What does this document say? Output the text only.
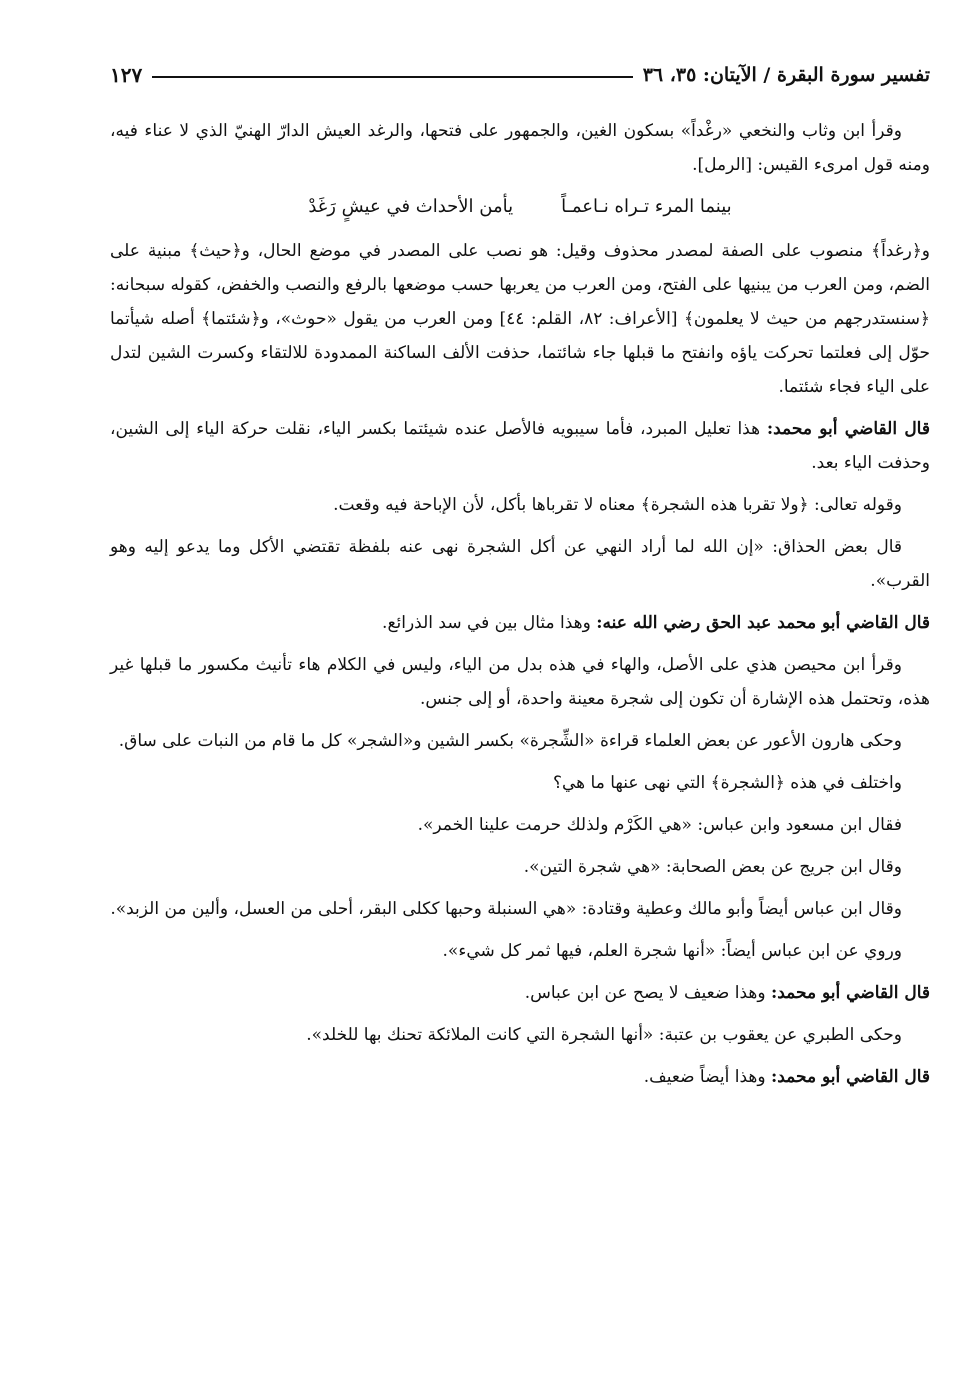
تفسير سورة البقرة / الآيتان: ٣٥، ٣٦
١٢٧

وقرأ ابن وثاب والنخعي «رغْداً» بسكون الغين، والجمهور على فتحها، والرغد العيش الدارّ الهنيّ الذي لا عناء فيه، ومنه قول امرىء القيس: [الرمل].

بينما المرء تـراه نـاعمـاً
يأمن الأحداث في عيشٍ رَغَدْ

و﴿رغداً﴾ منصوب على الصفة لمصدر محذوف وقيل: هو نصب على المصدر في موضع الحال، و﴿حيث﴾ مبنية على الضم، ومن العرب من يبنيها على الفتح، ومن العرب من يعربها حسب موضعها بالرفع والنصب والخفض، كقوله سبحانه: ﴿سنستدرجهم من حيث لا يعلمون﴾ [الأعراف: ٨٢، القلم: ٤٤] ومن العرب من يقول «حوث»، و﴿شئتما﴾ أصله شيأتما حوّل إلى فعلتما تحركت ياؤه وانفتح ما قبلها جاء شائتما، حذفت الألف الساكنة الممدودة للالتقاء وكسرت الشين لتدل على الياء فجاء شئتما.

قال القاضي أبو محمد: هذا تعليل المبرد، فأما سيبويه فالأصل عنده شيئتما بكسر الياء، نقلت حركة الياء إلى الشين، وحذفت الياء بعد.

وقوله تعالى: ﴿ولا تقربا هذه الشجرة﴾ معناه لا تقرباها بأكل، لأن الإباحة فيه وقعت.

قال بعض الحذاق: «إن الله لما أراد النهي عن أكل الشجرة نهى عنه بلفظة تقتضي الأكل وما يدعو إليه وهو القرب».

قال القاضي أبو محمد عبد الحق رضي الله عنه: وهذا مثال بين في سد الذرائع.

وقرأ ابن محيصن هذي على الأصل، والهاء في هذه بدل من الياء، وليس في الكلام هاء تأنيث مكسور ما قبلها غير هذه، وتحتمل هذه الإشارة أن تكون إلى شجرة معينة واحدة، أو إلى جنس.

وحكى هارون الأعور عن بعض العلماء قراءة «الشِّجرة» بكسر الشين و«الشجر» كل ما قام من النبات على ساق.

واختلف في هذه ﴿الشجرة﴾ التي نهى عنها ما هي؟

فقال ابن مسعود وابن عباس: «هي الكَرْم ولذلك حرمت علينا الخمر».

وقال ابن جريج عن بعض الصحابة: «هي شجرة التين».

وقال ابن عباس أيضاً وأبو مالك وعطية وقتادة: «هي السنبلة وحبها ككلى البقر، أحلى من العسل، وألين من الزبد».

وروي عن ابن عباس أيضاً: «أنها شجرة العلم، فيها ثمر كل شيء».

قال القاضي أبو محمد: وهذا ضعيف لا يصح عن ابن عباس.

وحكى الطبري عن يعقوب بن عتبة: «أنها الشجرة التي كانت الملائكة تحنك بها للخلد».

قال القاضي أبو محمد: وهذا أيضاً ضعيف.
